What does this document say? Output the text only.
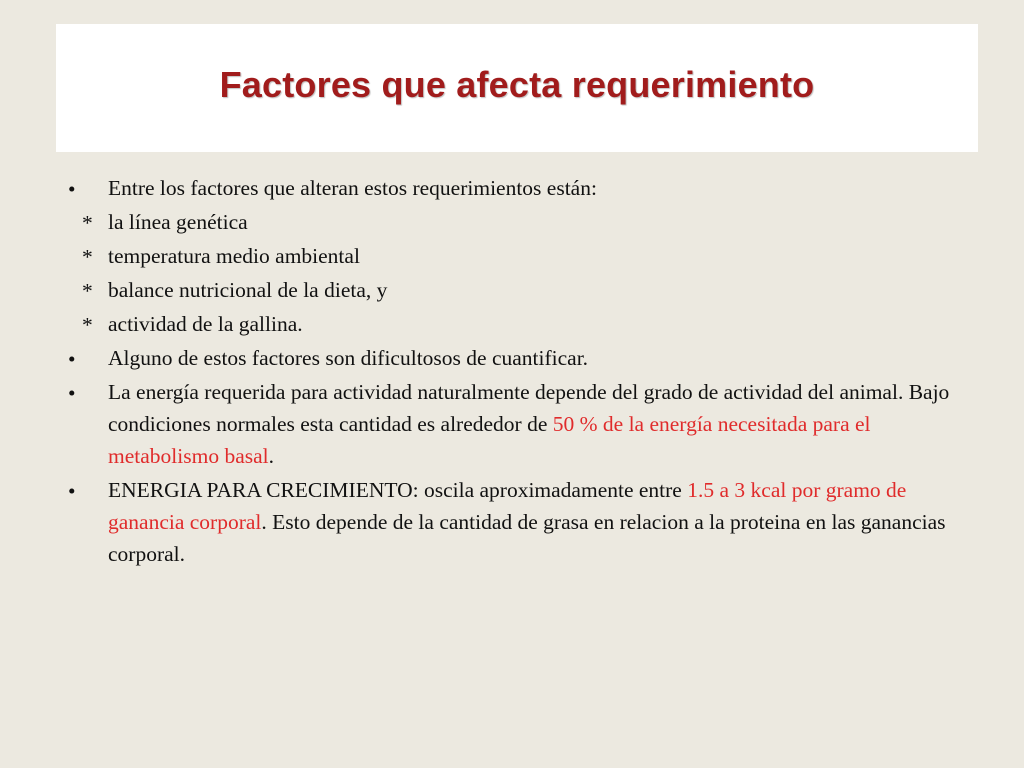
Factores que afecta requerimiento
•	Entre los factores que alteran estos requerimientos están:
* la línea genética
* temperatura medio ambiental
* balance nutricional de la dieta, y
* actividad de la gallina.
•	Alguno de estos factores son dificultosos de cuantificar.
•	La energía requerida para actividad naturalmente depende del grado de actividad del animal. Bajo condiciones normales esta cantidad es alrededor de 50 % de la energía necesitada para el metabolismo basal.
•	ENERGIA PARA CRECIMIENTO: oscila aproximadamente entre 1.5 a 3 kcal por gramo de ganancia corporal. Esto depende de la cantidad de grasa en relacion a la proteina en las ganancias corporal.
